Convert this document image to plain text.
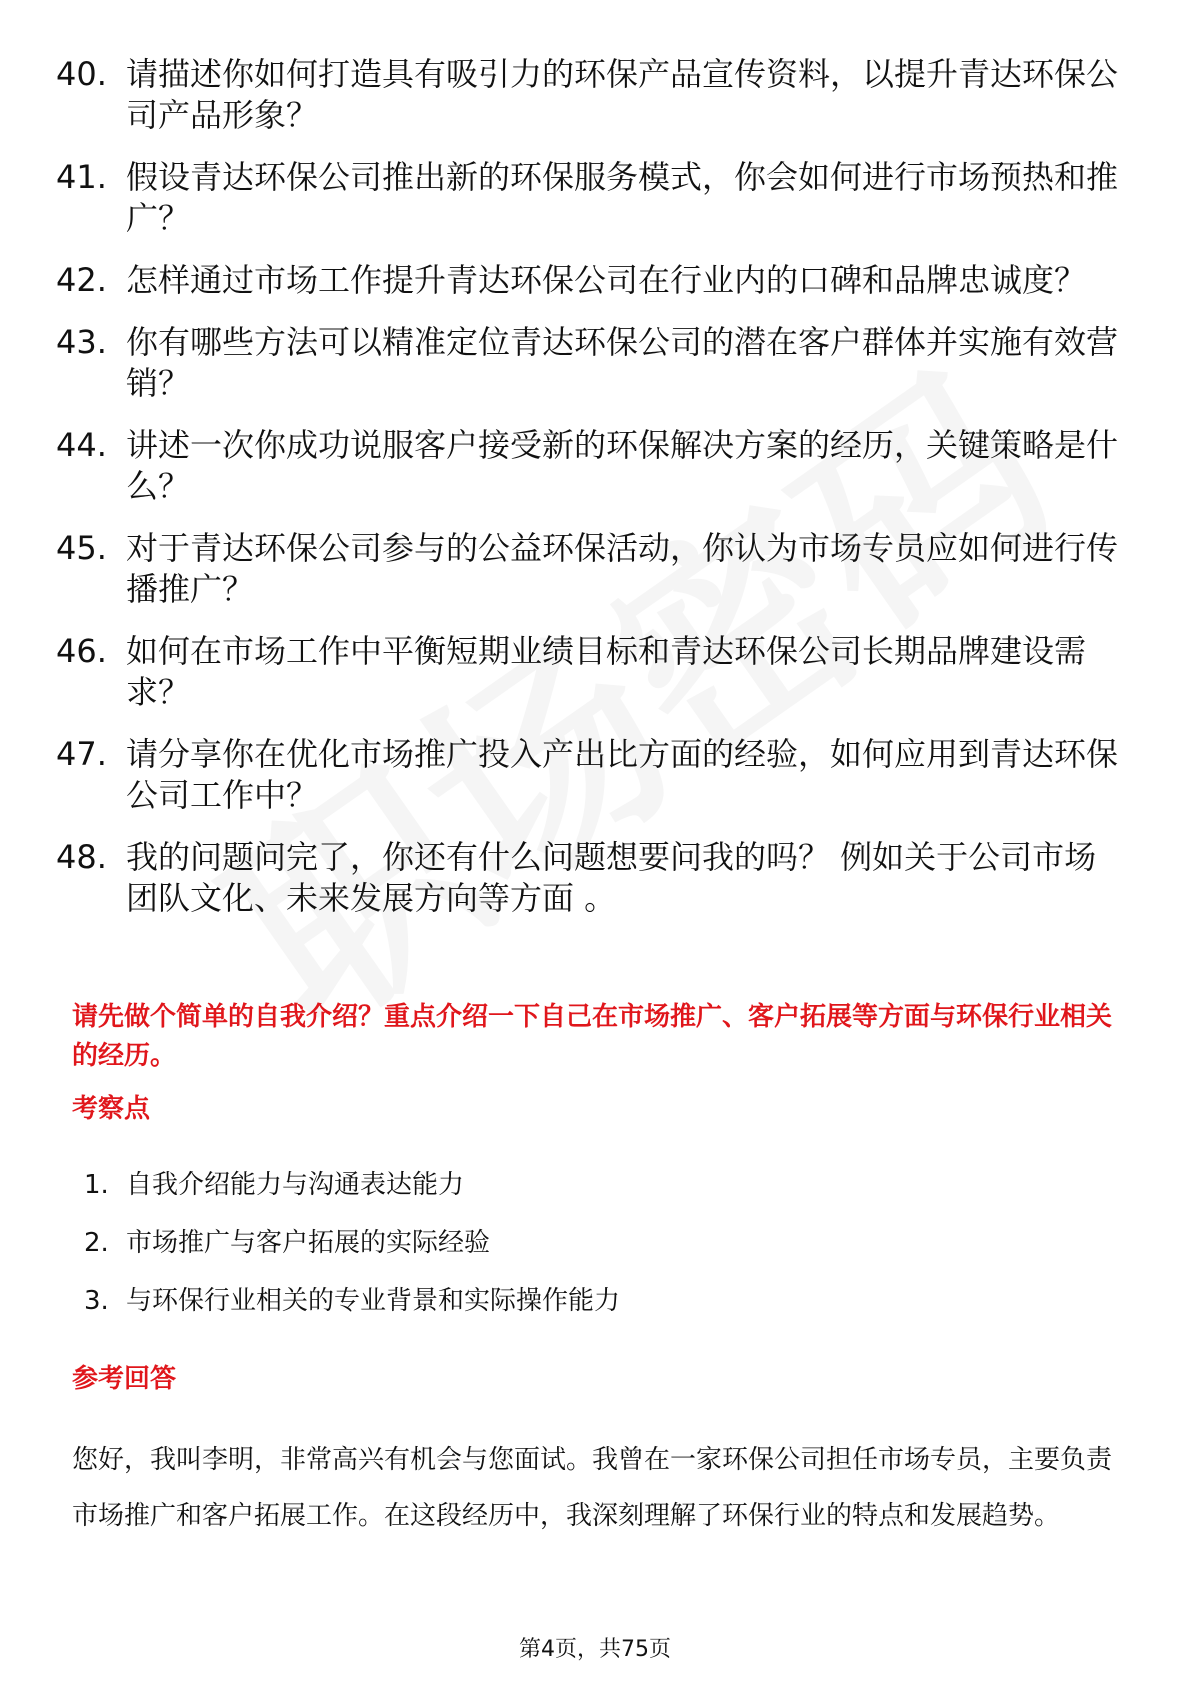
40. 请描述你如何打造具有吸引力的环保产品宣传资料，以提升青达环保公司产品形象？
41. 假设青达环保公司推出新的环保服务模式，你会如何进行市场预热和推广？
42. 怎样通过市场工作提升青达环保公司在行业内的口碑和品牌忠诚度？
43. 你有哪些方法可以精准定位青达环保公司的潜在客户群体并实施有效营销？
44. 讲述一次你成功说服客户接受新的环保解决方案的经历，关键策略是什么？
45. 对于青达环保公司参与的公益环保活动，你认为市场专员应如何进行传播推广？
46. 如何在市场工作中平衡短期业绩目标和青达环保公司长期品牌建设需求？
47. 请分享你在优化市场推广投入产出比方面的经验，如何应用到青达环保公司工作中？
48. 我的问题问完了，你还有什么问题想要问我的吗？ 例如关于公司市场团队文化、未来发展方向等方面 。

请先做个简单的自我介绍？重点介绍一下自己在市场推广、客户拓展等方面与环保行业相关的经历。

考察点

1. 自我介绍能力与沟通表达能力
2. 市场推广与客户拓展的实际经验
3. 与环保行业相关的专业背景和实际操作能力

参考回答

您好，我叫李明，非常高兴有机会与您面试。我曾在一家环保公司担任市场专员，主要负责市场推广和客户拓展工作。在这段经历中，我深刻理解了环保行业的特点和发展趋势。

第4页，共75页
